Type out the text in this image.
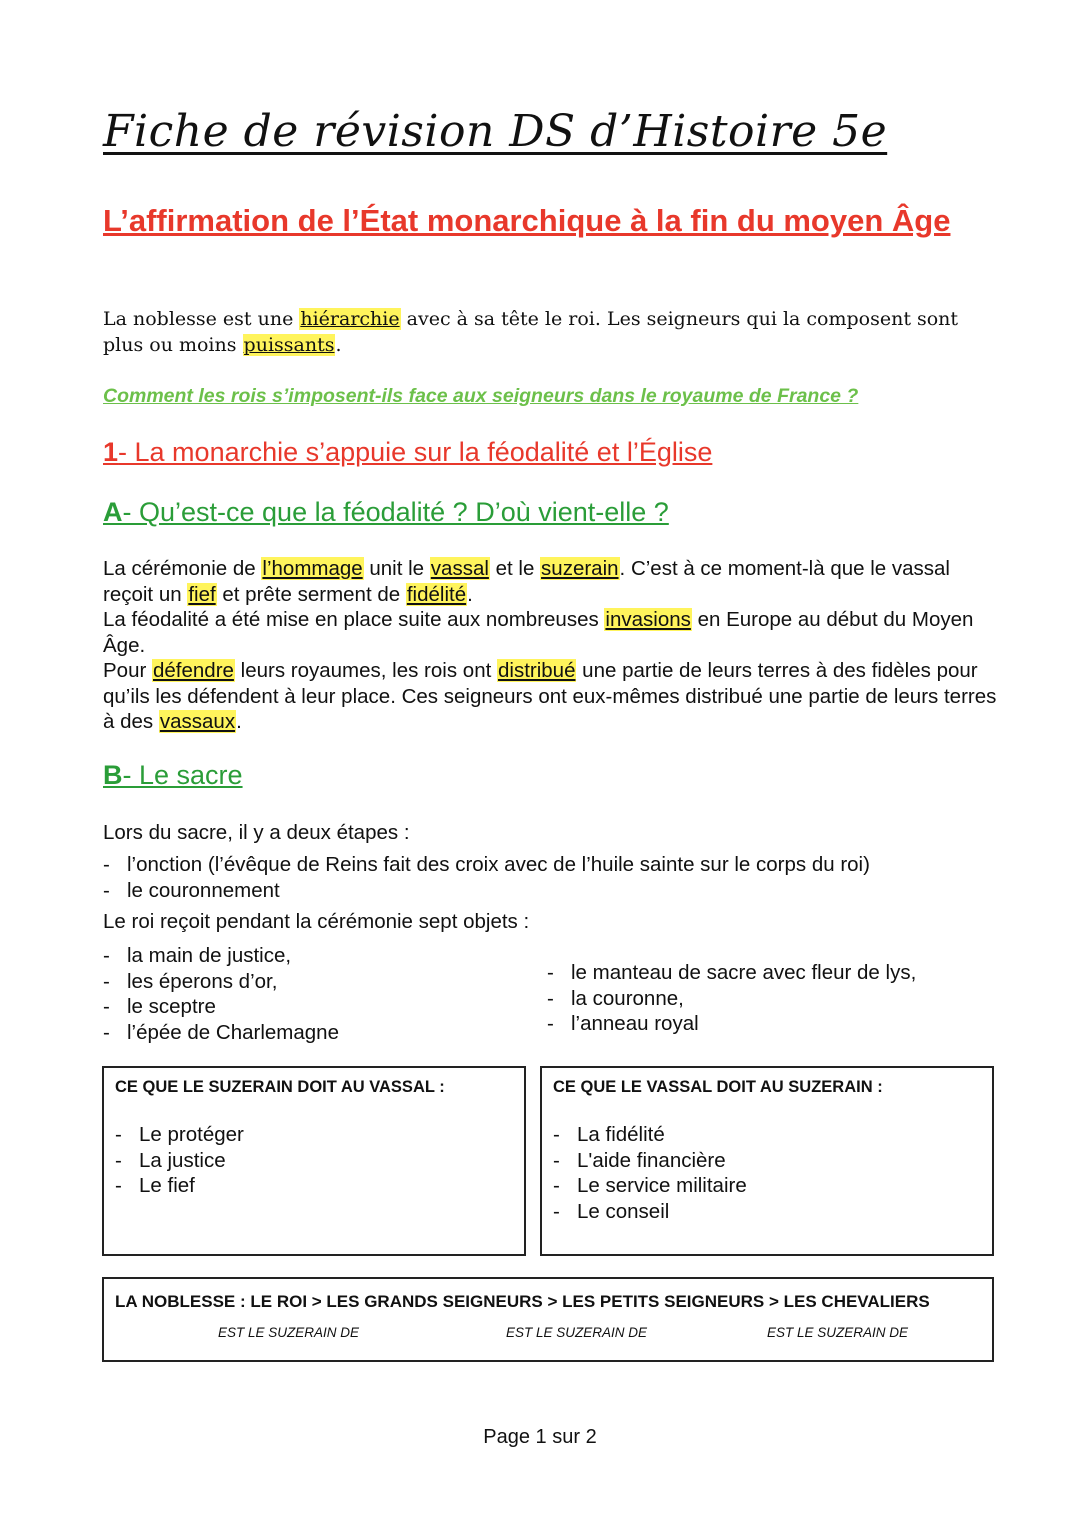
Fiche de révision DS d’Histoire 5e
L’affirmation de l’État monarchique à la fin du moyen Âge
La noblesse est une hiérarchie avec à sa tête le roi. Les seigneurs qui la composent sont plus ou moins puissants.
Comment les rois s’imposent-ils face aux seigneurs dans le royaume de France ?
1- La monarchie s’appuie sur la féodalité et l’Église
A- Qu’est-ce que la féodalité ? D’où vient-elle ?
La cérémonie de l’hommage unit le vassal et le suzerain. C’est à ce moment-là que le vassal reçoit un fief et prête serment de fidélité.
La féodalité a été mise en place suite aux nombreuses invasions en Europe au début du Moyen Âge.
Pour défendre leurs royaumes, les rois ont distribué une partie de leurs terres à des fidèles pour qu’ils les défendent à leur place. Ces seigneurs ont eux-mêmes distribué une partie de leurs terres à des vassaux.
B- Le sacre
Lors du sacre, il y a deux étapes :
- l’onction (l’évêque de Reins fait des croix avec de l’huile sainte sur le corps du roi)
- le couronnement
Le roi reçoit pendant la cérémonie sept objets :
- la main de justice,
- les éperons d’or,
- le sceptre
- l’épée de Charlemagne
- le manteau de sacre avec fleur de lys,
- la couronne,
- l’anneau royal
CE QUE LE SUZERAIN DOIT AU VASSAL :
- Le protéger
- La justice
- Le fief
CE QUE LE VASSAL DOIT AU SUZERAIN :
- La fidélité
- L'aide financière
- Le service militaire
- Le conseil
LA NOBLESSE : LE ROI > LES GRANDS SEIGNEURS > LES PETITS SEIGNEURS > LES CHEVALIERS
EST LE SUZERAIN DE	EST LE SUZERAIN DE	EST LE SUZERAIN DE
Page 1 sur 2
